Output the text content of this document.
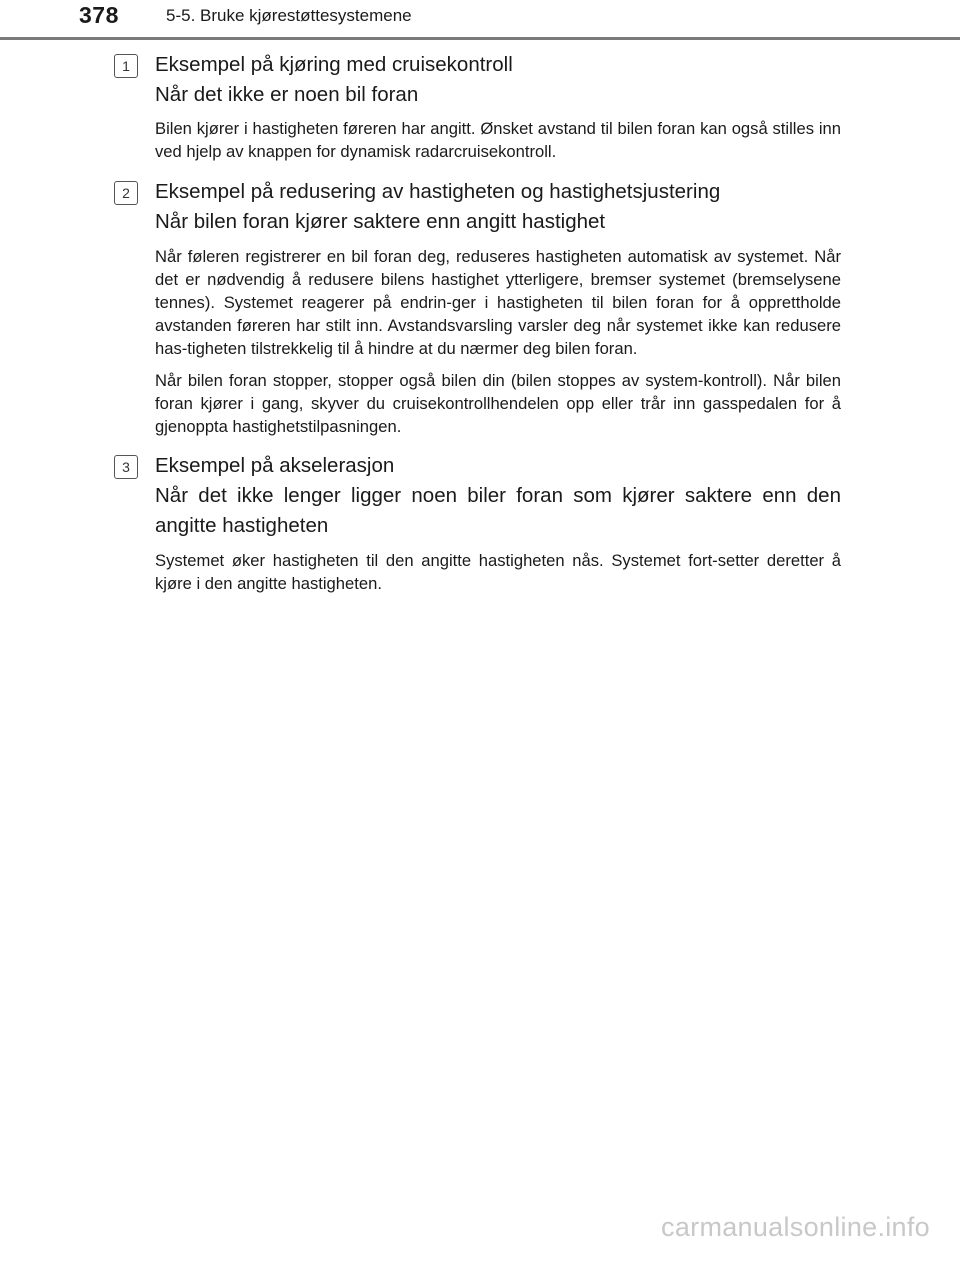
378	5-5. Bruke kjørestøttesystemene
1	Eksempel på kjøring med cruisekontroll

Når det ikke er noen bil foran

Bilen kjører i hastigheten føreren har angitt. Ønsket avstand til bilen foran kan også stilles inn ved hjelp av knappen for dynamisk radarcruisekontroll.

2	Eksempel på redusering av hastigheten og hastighetsjustering

Når bilen foran kjører saktere enn angitt hastighet

Når føleren registrerer en bil foran deg, reduseres hastigheten automatisk av systemet. Når det er nødvendig å redusere bilens hastighet ytterligere, bremser systemet (bremselysene tennes). Systemet reagerer på endrin-ger i hastigheten til bilen foran for å opprettholde avstanden føreren har stilt inn. Avstandsvarsling varsler deg når systemet ikke kan redusere has-tigheten tilstrekkelig til å hindre at du nærmer deg bilen foran.

Når bilen foran stopper, stopper også bilen din (bilen stoppes av system-kontroll). Når bilen foran kjører i gang, skyver du cruisekontrollhendelen opp eller trår inn gasspedalen for å gjenoppta hastighetstilpasningen.

3	Eksempel på akselerasjon

Når det ikke lenger ligger noen biler foran som kjører saktere enn den angitte hastigheten

Systemet øker hastigheten til den angitte hastigheten nås. Systemet fort-setter deretter å kjøre i den angitte hastigheten.

carmanualsonline.info
